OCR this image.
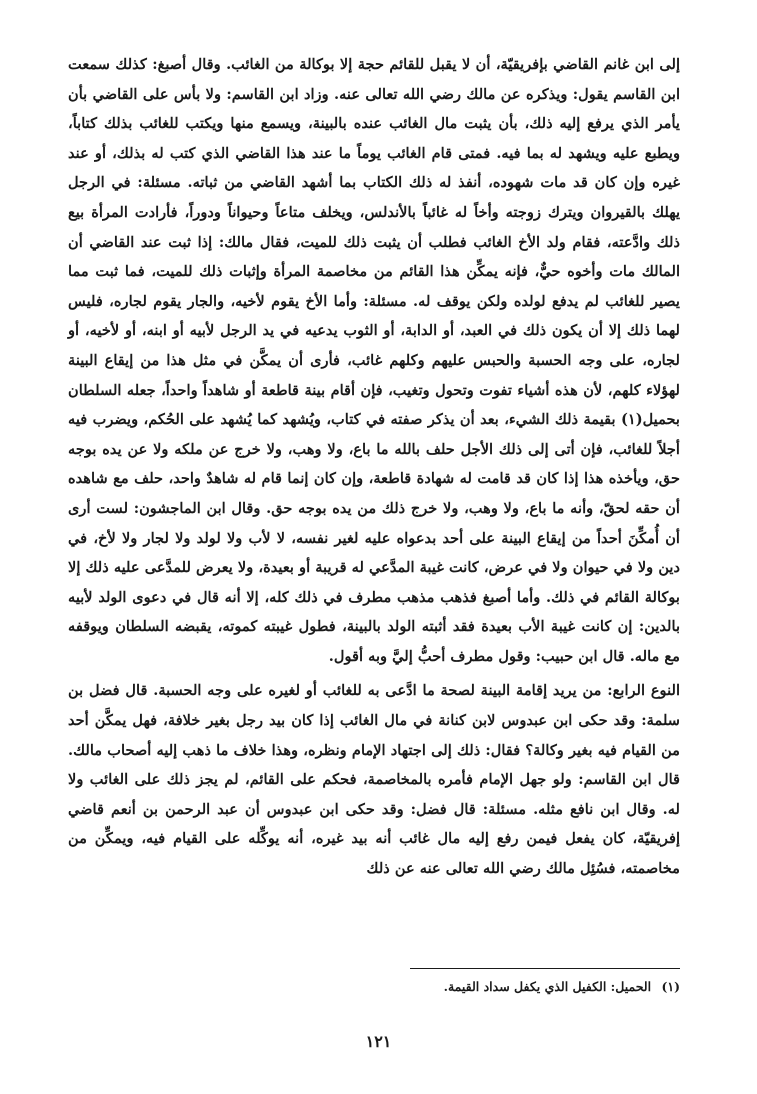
إلى ابن غانم القاضي بإفريقيّة، أن لا يقبل للقائم حجة إلا بوكالة من الغائب. وقال أصبغ: كذلك سمعت ابن القاسم يقول: ويذكره عن مالك رضي الله تعالى عنه. وزاد ابن القاسم: ولا بأس على القاضي بأن يأمر الذي يرفع إليه ذلك، بأن يثبت مال الغائب عنده بالبينة، ويسمع منها ويكتب للغائب بذلك كتاباً، ويطبع عليه ويشهد له بما فيه. فمتى قام الغائب يوماً ما عند هذا القاضي الذي كتب له بذلك، أو عند غيره وإن كان قد مات شهوده، أنفذ له ذلك الكتاب بما أشهد القاضي من ثباته. مسئلة: في الرجل يهلك بالقيروان ويترك زوجته وأخاً له غائباً بالأندلس، ويخلف متاعاً وحيواناً ودوراً، فأرادت المرأة بيع ذلك وادَّعته، فقام ولد الأخ الغائب فطلب أن يثبت ذلك للميت، فقال مالك: إذا ثبت عند القاضي أن المالك مات وأخوه حيٌّ، فإنه يمكِّن هذا القائم من مخاصمة المرأة وإثبات ذلك للميت، فما ثبت مما يصير للغائب لم يدفع لولده ولكن يوقف له. مسئلة: وأما الأخ يقوم لأخيه، والجار يقوم لجاره، فليس لهما ذلك إلا أن يكون ذلك في العبد، أو الدابة، أو الثوب يدعيه في يد الرجل لأبيه أو ابنه، أو لأخيه، أو لجاره، على وجه الحسبة والحبس عليهم وكلهم غائب، فأرى أن يمكَّن في مثل هذا من إيقاع البينة لهؤلاء كلهم، لأن هذه أشياء تفوت وتحول وتغيب، فإن أقام بينة قاطعة أو شاهداً واحداً، جعله السلطان بحميل(١) بقيمة ذلك الشيء، بعد أن يذكر صفته في كتاب، ويُشهد كما يُشهد على الحُكم، ويضرب فيه أجلاً للغائب، فإن أتى إلى ذلك الأجل حلف بالله ما باع، ولا وهب، ولا خرج عن ملكه ولا عن يده بوجه حق، ويأخذه هذا إذا كان قد قامت له شهادة قاطعة، وإن كان إنما قام له شاهدٌ واحد، حلف مع شاهده أن حقه لحقّ، وأنه ما باع، ولا وهب، ولا خرج ذلك من يده بوجه حق. وقال ابن الماجشون: لست أرى أن أُمكِّنَ أحداً من إيقاع البينة على أحد بدعواه عليه لغير نفسه، لا لأب ولا لولد ولا لجار ولا لأخ، في دين ولا في حيوان ولا في عرض، كانت غيبة المدَّعي له قريبة أو بعيدة، ولا يعرض للمدَّعى عليه ذلك إلا بوكالة القائم في ذلك. وأما أصبغ فذهب مذهب مطرف في ذلك كله، إلا أنه قال في دعوى الولد لأبيه بالدين: إن كانت غيبة الأب بعيدة فقد أثبته الولد بالبينة، فطول غيبته كموته، يقبضه السلطان ويوقفه مع ماله. قال ابن حبيب: وقول مطرف أحبُّ إليَّ وبه أقول.

النوع الرابع: من يريد إقامة البينة لصحة ما ادَّعى به للغائب أو لغيره على وجه الحسبة. قال فضل بن سلمة: وقد حكى ابن عبدوس لابن كنانة في مال الغائب إذا كان بيد رجل بغير خلافة، فهل يمكَّن أحد من القيام فيه بغير وكالة؟ فقال: ذلك إلى اجتهاد الإمام ونظره، وهذا خلاف ما ذهب إليه أصحاب مالك. قال ابن القاسم: ولو جهل الإمام فأمره بالمخاصمة، فحكم على القائم، لم يجز ذلك على الغائب ولا له. وقال ابن نافع مثله. مسئلة: قال فضل: وقد حكى ابن عبدوس أن عبد الرحمن بن أنعم قاضي إفريقيّة، كان يفعل فيمن رفع إليه مال غائب أنه بيد غيره، أنه يوكِّله على القيام فيه، ويمكِّن من مخاصمته، فسُئِل مالك رضي الله تعالى عنه عن ذلك

(١) الحميل: الكفيل الذي يكفل سداد القيمة.
١٢١
